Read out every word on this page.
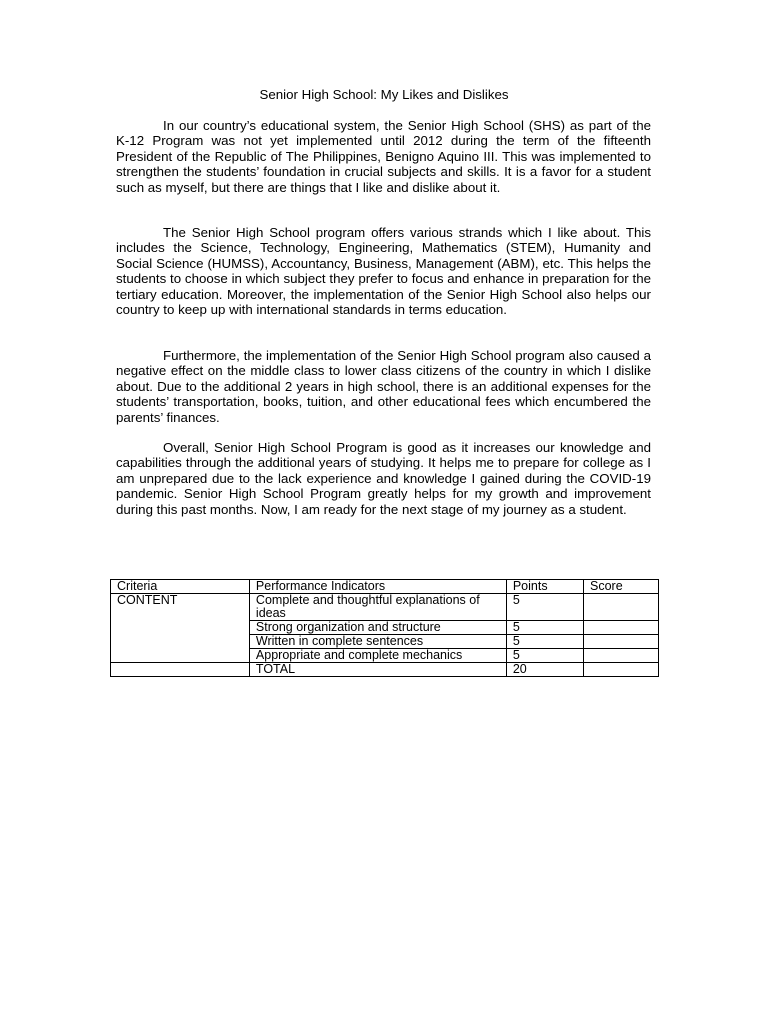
Senior High School: My Likes and Dislikes

In our country’s educational system, the Senior High School (SHS) as part of the K-12 Program was not yet implemented until 2012 during the term of the fifteenth President of the Republic of The Philippines, Benigno Aquino III. This was implemented to strengthen the students’ foundation in crucial subjects and skills. It is a favor for a student such as myself, but there are things that I like and dislike about it.

The Senior High School program offers various strands which I like about. This includes the Science, Technology, Engineering, Mathematics (STEM), Humanity and Social Science (HUMSS), Accountancy, Business, Management (ABM), etc. This helps the students to choose in which subject they prefer to focus and enhance in preparation for the tertiary education. Moreover, the implementation of the Senior High School also helps our country to keep up with international standards in terms education.

Furthermore, the implementation of the Senior High School program also caused a negative effect on the middle class to lower class citizens of the country in which I dislike about. Due to the additional 2 years in high school, there is an additional expenses for the students’ transportation, books, tuition, and other educational fees which encumbered the parents’ finances.

Overall, Senior High School Program is good as it increases our knowledge and capabilities through the additional years of studying. It helps me to prepare for college as I am unprepared due to the lack experience and knowledge I gained during the COVID-19 pandemic. Senior High School Program greatly helps for my growth and improvement during this past months. Now, I am ready for the next stage of my journey as a student.

Criteria	Performance Indicators	Points	Score
CONTENT	Complete and thoughtful explanations of ideas	5	
	Strong organization and structure	5	
	Written in complete sentences	5	
	Appropriate and complete mechanics	5	
	TOTAL	20	
